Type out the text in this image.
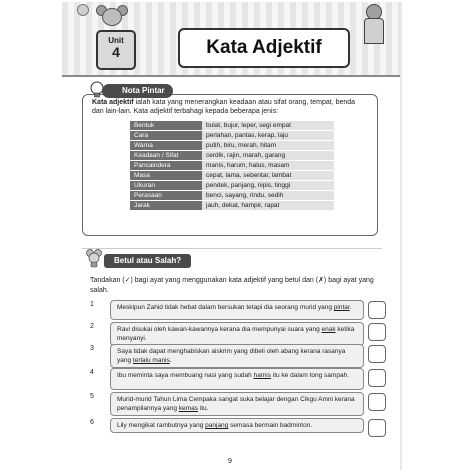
Unit
4	Kata Adjektif
Nota Pintar
Kata adjektif ialah kata yang menerangkan keadaan atau sifat orang, tempat, benda dan lain-lain. Kata adjektif terbahagi kepada beberapa jenis:
Bentuk	bulat, bujur, leper, segi empat
Cara	perlahan, pantas, kerap, laju
Warna	putih, biru, merah, hitam
Keadaan / Sifat	cerdik, rajin, marah, garang
Pancaindera	manis, harum, halus, masam
Masa	cepat, lama, sebentar, lambat
Ukuran	pendek, panjang, nipis, tinggi
Perasaan	benci, sayang, rindu, sedih
Jarak	jauh, dekat, hampir, rapat
Betul atau Salah?
Tandakan (✓) bagi ayat yang menggunakan kata adjektif yang betul dan (✗) bagi ayat yang salah.
1	Meskipun Zahid tidak hebat dalam bersukan tetapi dia seorang murid yang pintar.
2	Ravi disukai oleh kawan-kawannya kerana dia mempunyai suara yang enak ketika menyanyi.
3	Saya tidak dapat menghabiskan aiskrim yang dibeli oleh abang kerana rasanya yang terlalu manis.
4	Ibu meminta saya membuang nasi yang sudah hamis itu ke dalam tong sampah.
5	Murid-murid Tahun Lima Cempaka sangat suka belajar dengan Cikgu Amni kerana penampilannya yang kemas itu.
6	Lily mengikat rambutnya yang panjang semasa bermain badminton.
9
